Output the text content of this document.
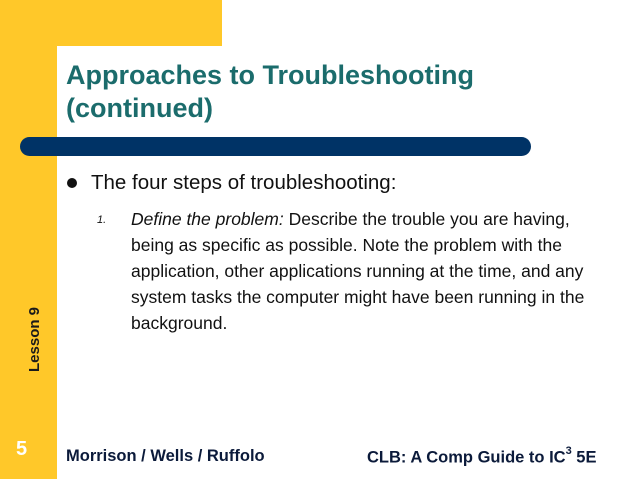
Lesson 9
5
Approaches to Troubleshooting
(continued)
The four steps of troubleshooting:
1. Define the problem: Describe the trouble you are having, being as specific as possible. Note the problem with the application, other applications running at the time, and any system tasks the computer might have been running in the background.
Morrison / Wells / Ruffolo	CLB: A Comp Guide to $IC^3$ 5E
